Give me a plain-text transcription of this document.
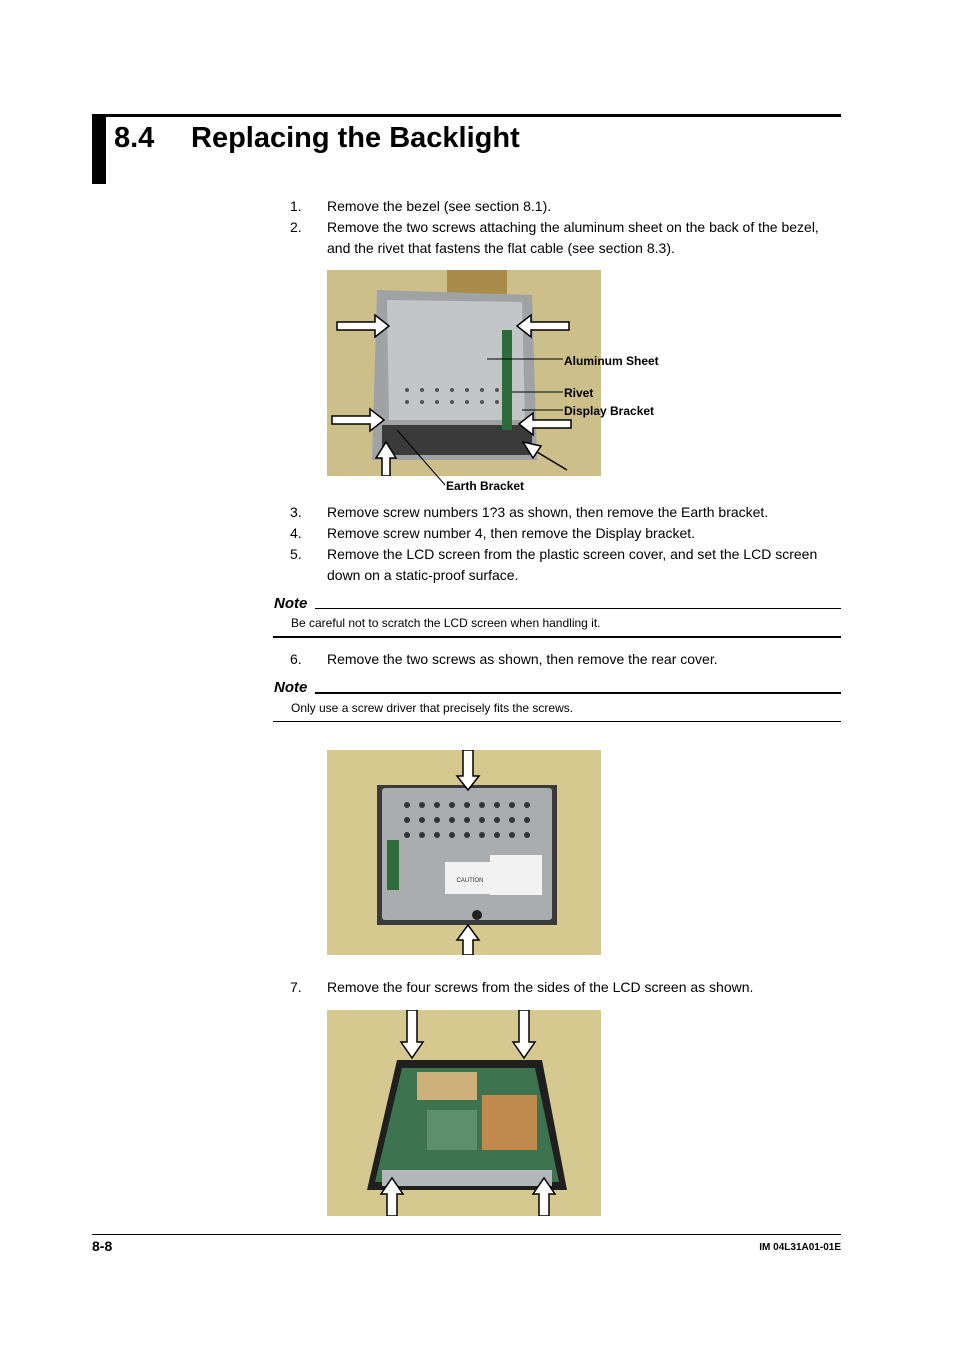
8.4 Replacing the Backlight
1. Remove the bezel (see section 8.1).
2. Remove the two screws attaching the aluminum sheet on the back of the bezel, and the rivet that fastens the flat cable (see section 8.3).
Aluminum Sheet
Rivet
Display Bracket
Earth Bracket
3. Remove screw numbers 1?3 as shown, then remove the Earth bracket.
4. Remove screw number 4, then remove the Display bracket.
5. Remove the LCD screen from the plastic screen cover, and set the LCD screen down on a static-proof surface.
Note
Be careful not to scratch the LCD screen when handling it.
6. Remove the two screws as shown, then remove the rear cover.
Note
Only use a screw driver that precisely fits the screws.
CAUTION
7. Remove the four screws from the sides of the LCD screen as shown.
8-8	IM 04L31A01-01E
